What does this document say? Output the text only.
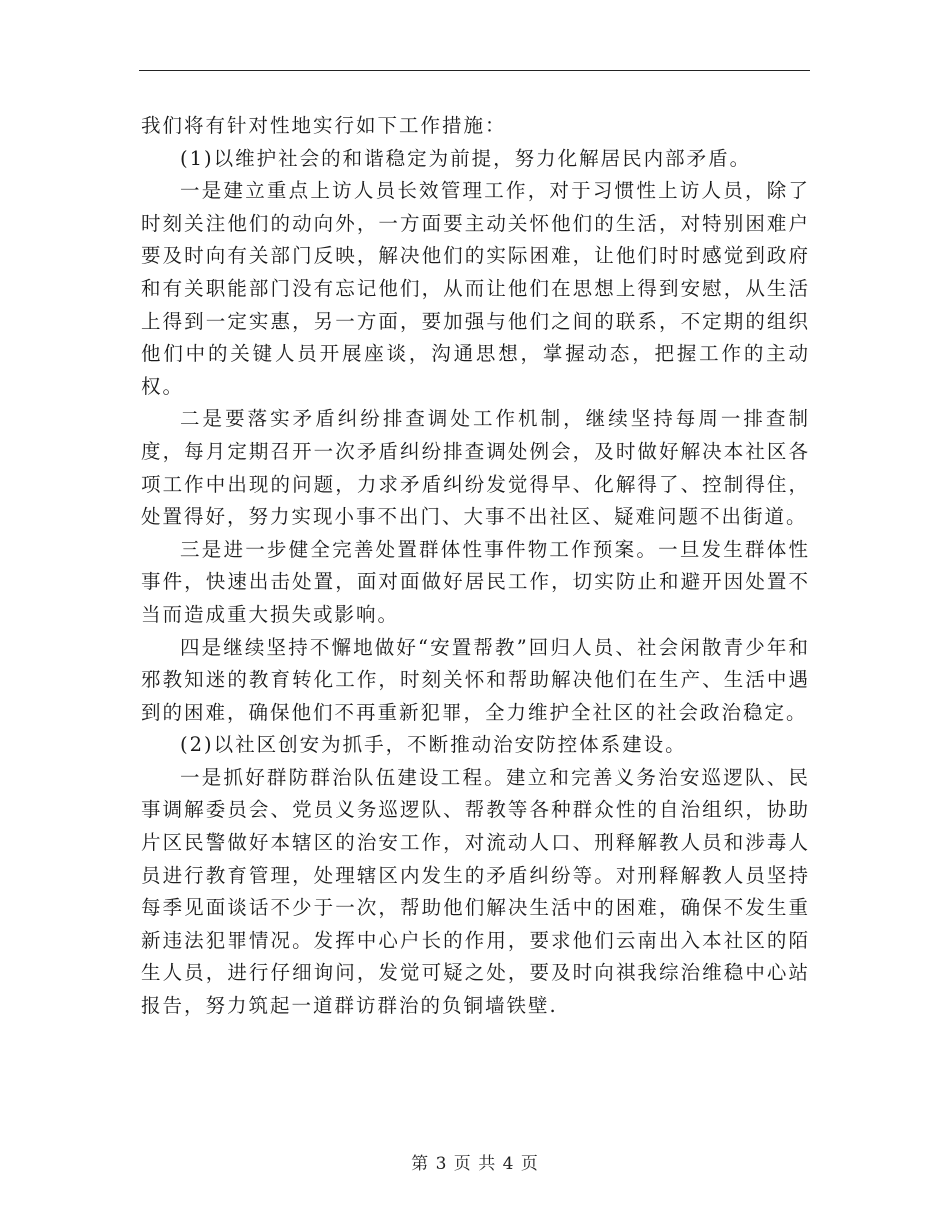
我们将有针对性地实行如下工作措施：

(1)以维护社会的和谐稳定为前提，努力化解居民内部矛盾。

一是建立重点上访人员长效管理工作，对于习惯性上访人员，除了时刻关注他们的动向外，一方面要主动关怀他们的生活，对特别困难户要及时向有关部门反映，解决他们的实际困难，让他们时时感觉到政府和有关职能部门没有忘记他们，从而让他们在思想上得到安慰，从生活上得到一定实惠，另一方面，要加强与他们之间的联系，不定期的组织他们中的关键人员开展座谈，沟通思想，掌握动态，把握工作的主动权。

二是要落实矛盾纠纷排查调处工作机制，继续坚持每周一排查制度，每月定期召开一次矛盾纠纷排查调处例会，及时做好解决本社区各项工作中出现的问题，力求矛盾纠纷发觉得早、化解得了、控制得住，处置得好，努力实现小事不出门、大事不出社区、疑难问题不出街道。

三是进一步健全完善处置群体性事件物工作预案。一旦发生群体性事件，快速出击处置，面对面做好居民工作，切实防止和避开因处置不当而造成重大损失或影响。

四是继续坚持不懈地做好“安置帮教”回归人员、社会闲散青少年和邪教知迷的教育转化工作，时刻关怀和帮助解决他们在生产、生活中遇到的困难，确保他们不再重新犯罪，全力维护全社区的社会政治稳定。

(2)以社区创安为抓手，不断推动治安防控体系建设。

一是抓好群防群治队伍建设工程。建立和完善义务治安巡逻队、民事调解委员会、党员义务巡逻队、帮教等各种群众性的自治组织，协助片区民警做好本辖区的治安工作，对流动人口、刑释解教人员和涉毒人员进行教育管理，处理辖区内发生的矛盾纠纷等。对刑释解教人员坚持每季见面谈话不少于一次，帮助他们解决生活中的困难，确保不发生重新违法犯罪情况。发挥中心户长的作用，要求他们云南出入本社区的陌生人员，进行仔细询问，发觉可疑之处，要及时向祺我综治维稳中心站报告，努力筑起一道群访群治的负铜墙铁壁.

第 3 页 共 4 页
